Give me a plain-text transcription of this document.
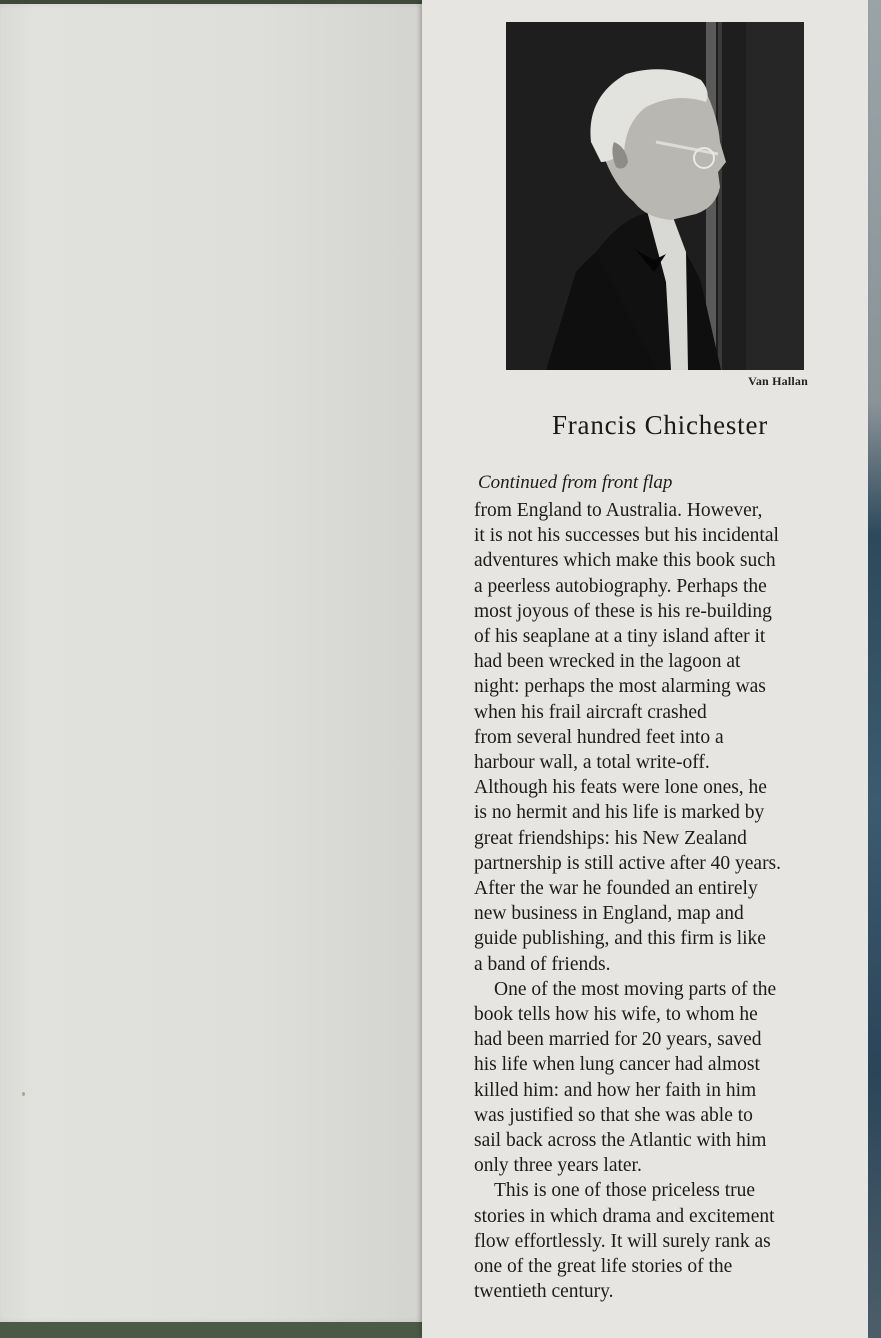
Van Hallan
Francis Chichester
Continued from front flap
from England to Australia. However,
it is not his successes but his incidental
adventures which make this book such
a peerless autobiography. Perhaps the
most joyous of these is his re-building
of his seaplane at a tiny island after it
had been wrecked in the lagoon at
night: perhaps the most alarming was
when his frail aircraft crashed
from several hundred feet into a
harbour wall, a total write-off.
Although his feats were lone ones, he
is no hermit and his life is marked by
great friendships: his New Zealand
partnership is still active after 40 years.
After the war he founded an entirely
new business in England, map and
guide publishing, and this firm is like
a band of friends.
One of the most moving parts of the
book tells how his wife, to whom he
had been married for 20 years, saved
his life when lung cancer had almost
killed him: and how her faith in him
was justified so that she was able to
sail back across the Atlantic with him
only three years later.
This is one of those priceless true
stories in which drama and excitement
flow effortlessly. It will surely rank as
one of the great life stories of the
twentieth century.
